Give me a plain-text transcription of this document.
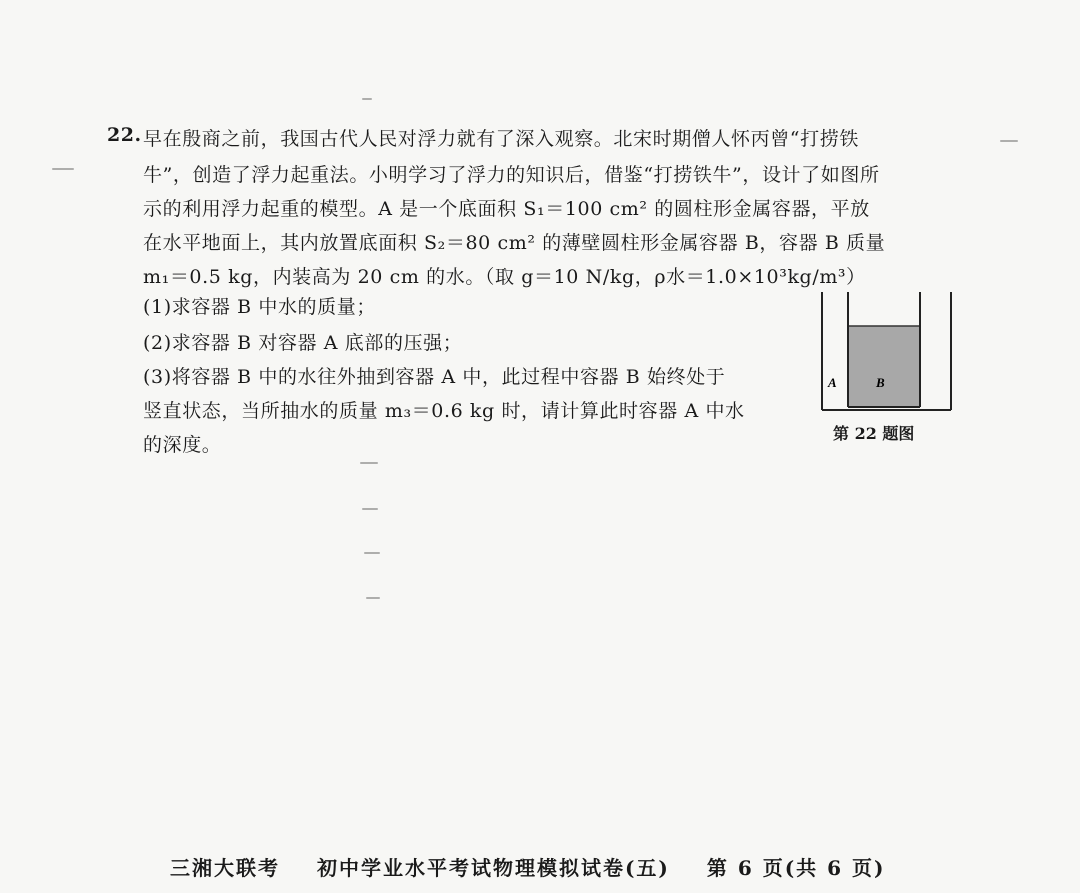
22. 早在殷商之前，我国古代人民对浮力就有了深入观察。北宋时期僧人怀丙曾“打捞铁
牛”，创造了浮力起重法。小明学习了浮力的知识后，借鉴“打捞铁牛”，设计了如图所
示的利用浮力起重的模型。A 是一个底面积 S₁＝100 cm² 的圆柱形金属容器，平放
在水平地面上，其内放置底面积 S₂＝80 cm² 的薄壁圆柱形金属容器 B，容器 B 质量
m₁＝0.5 kg，内装高为 20 cm 的水。（取 g＝10 N/kg，ρ水＝1.0×10³kg/m³）
(1)求容器 B 中水的质量；
(2)求容器 B 对容器 A 底部的压强；
(3)将容器 B 中的水往外抽到容器 A 中，此过程中容器 B 始终处于
竖直状态，当所抽水的质量 m₃＝0.6 kg 时，请计算此时容器 A 中水
的深度。
A	B
第 22 题图
三湘大联考 初中学业水平考试物理模拟试卷(五) 第 6 页(共 6 页)
